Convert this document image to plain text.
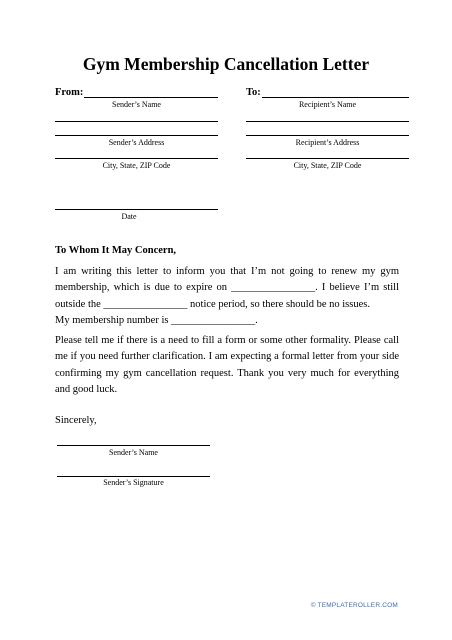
Gym Membership Cancellation Letter
From:
Sender’s Name
Sender’s Address
City, State, ZIP Code
To:
Recipient’s Name
Recipient’s Address
City, State, ZIP Code
Date
To Whom It May Concern,
I am writing this letter to inform you that I’m not going to renew my gym membership, which is due to expire on ________________. I believe I’m still outside the ________________ notice period, so there should be no issues.
My membership number is ________________.
Please tell me if there is a need to fill a form or some other formality. Please call me if you need further clarification. I am expecting a formal letter from your side confirming my gym cancellation request. Thank you very much for everything and good luck.
Sincerely,
Sender’s Name
Sender’s Signature
© TEMPLATEROLLER.COM
